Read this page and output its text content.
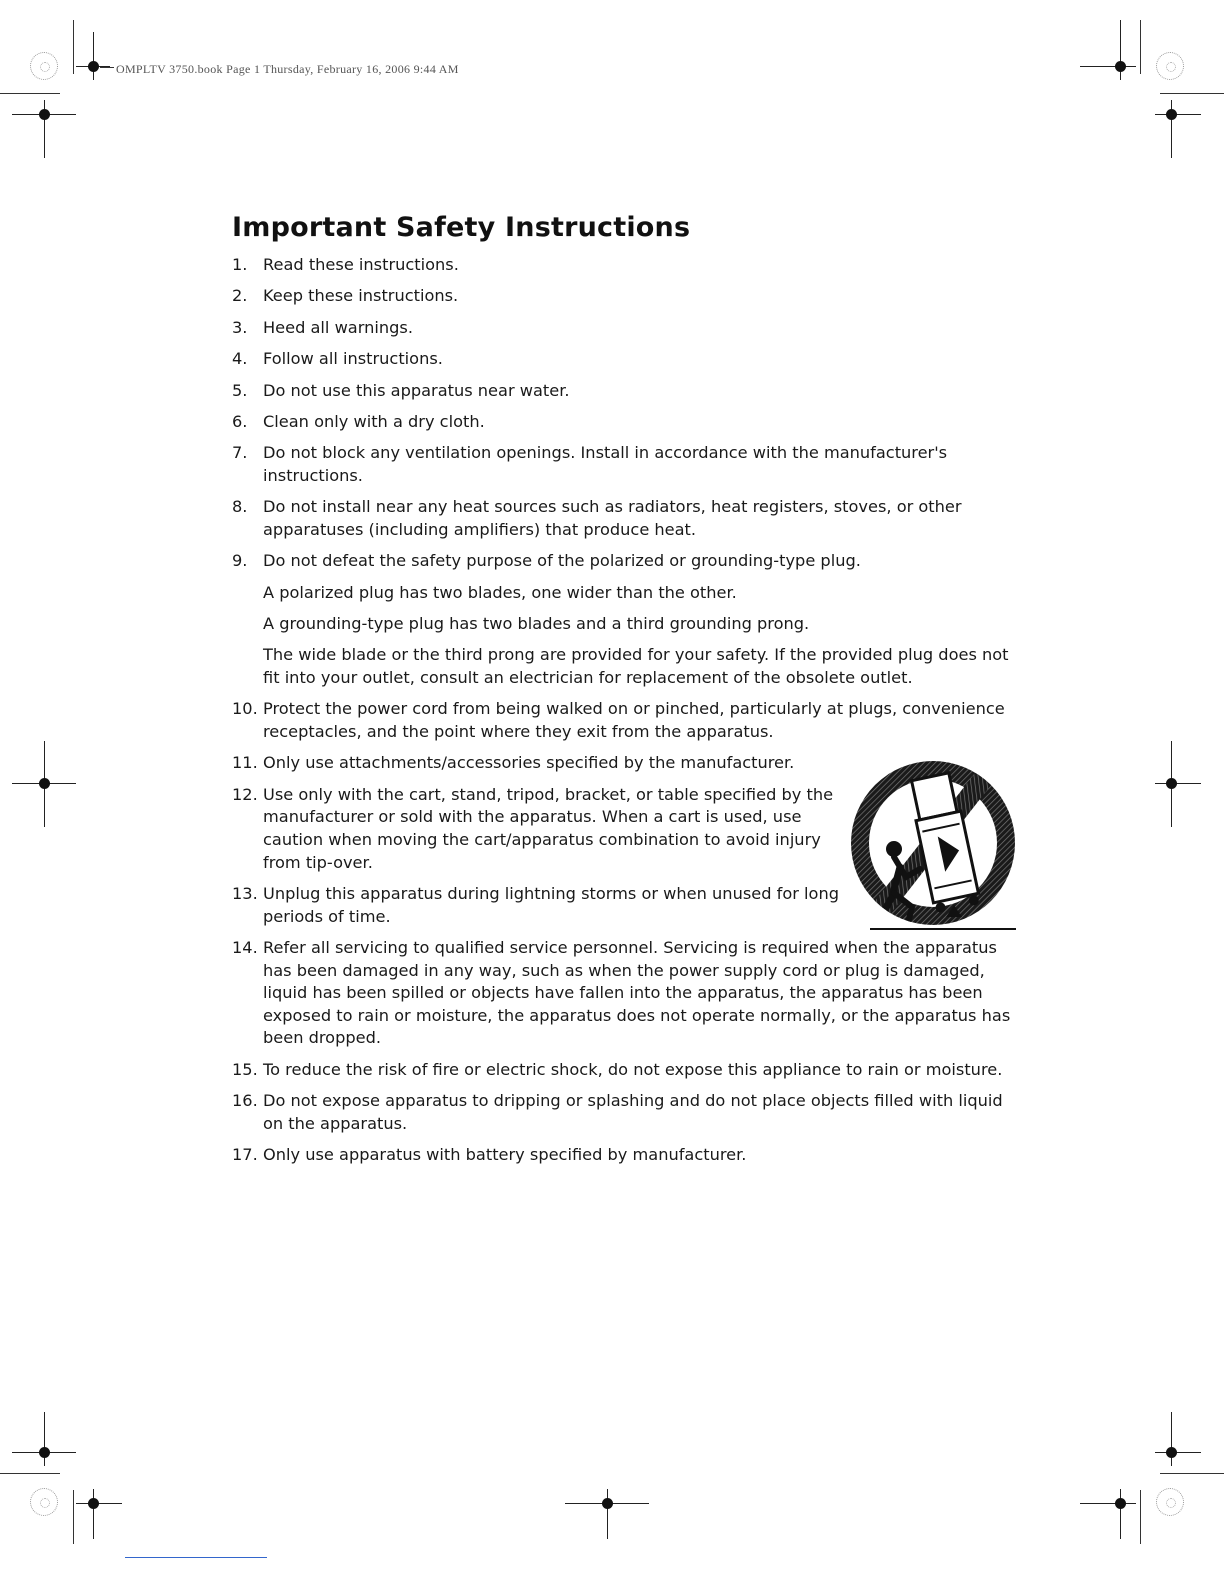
OMPLTV 3750.book Page 1 Thursday, February 16, 2006 9:44 AM
Important Safety Instructions
1. Read these instructions.
2. Keep these instructions.
3. Heed all warnings.
4. Follow all instructions.
5. Do not use this apparatus near water.
6. Clean only with a dry cloth.
7. Do not block any ventilation openings. Install in accordance with the manufacturer's instructions.
8. Do not install near any heat sources such as radiators, heat registers, stoves, or other apparatuses (including amplifiers) that produce heat.
9. Do not defeat the safety purpose of the polarized or grounding-type plug.
A polarized plug has two blades, one wider than the other.
A grounding-type plug has two blades and a third grounding prong.
The wide blade or the third prong are provided for your safety. If the provided plug does not fit into your outlet, consult an electrician for replacement of the obsolete outlet.
10. Protect the power cord from being walked on or pinched, particularly at plugs, convenience receptacles, and the point where they exit from the apparatus.
11. Only use attachments/accessories specified by the manufacturer.
12. Use only with the cart, stand, tripod, bracket, or table specified by the manufacturer or sold with the apparatus. When a cart is used, use caution when moving the cart/apparatus combination to avoid injury from tip-over.
13. Unplug this apparatus during lightning storms or when unused for long periods of time.
14. Refer all servicing to qualified service personnel. Servicing is required when the apparatus has been damaged in any way, such as when the power supply cord or plug is damaged, liquid has been spilled or objects have fallen into the apparatus, the apparatus has been exposed to rain or moisture, the apparatus does not operate normally, or the apparatus has been dropped.
15. To reduce the risk of fire or electric shock, do not expose this appliance to rain or moisture.
16. Do not expose apparatus to dripping or splashing and do not place objects filled with liquid on the apparatus.
17. Only use apparatus with battery specified by manufacturer.
